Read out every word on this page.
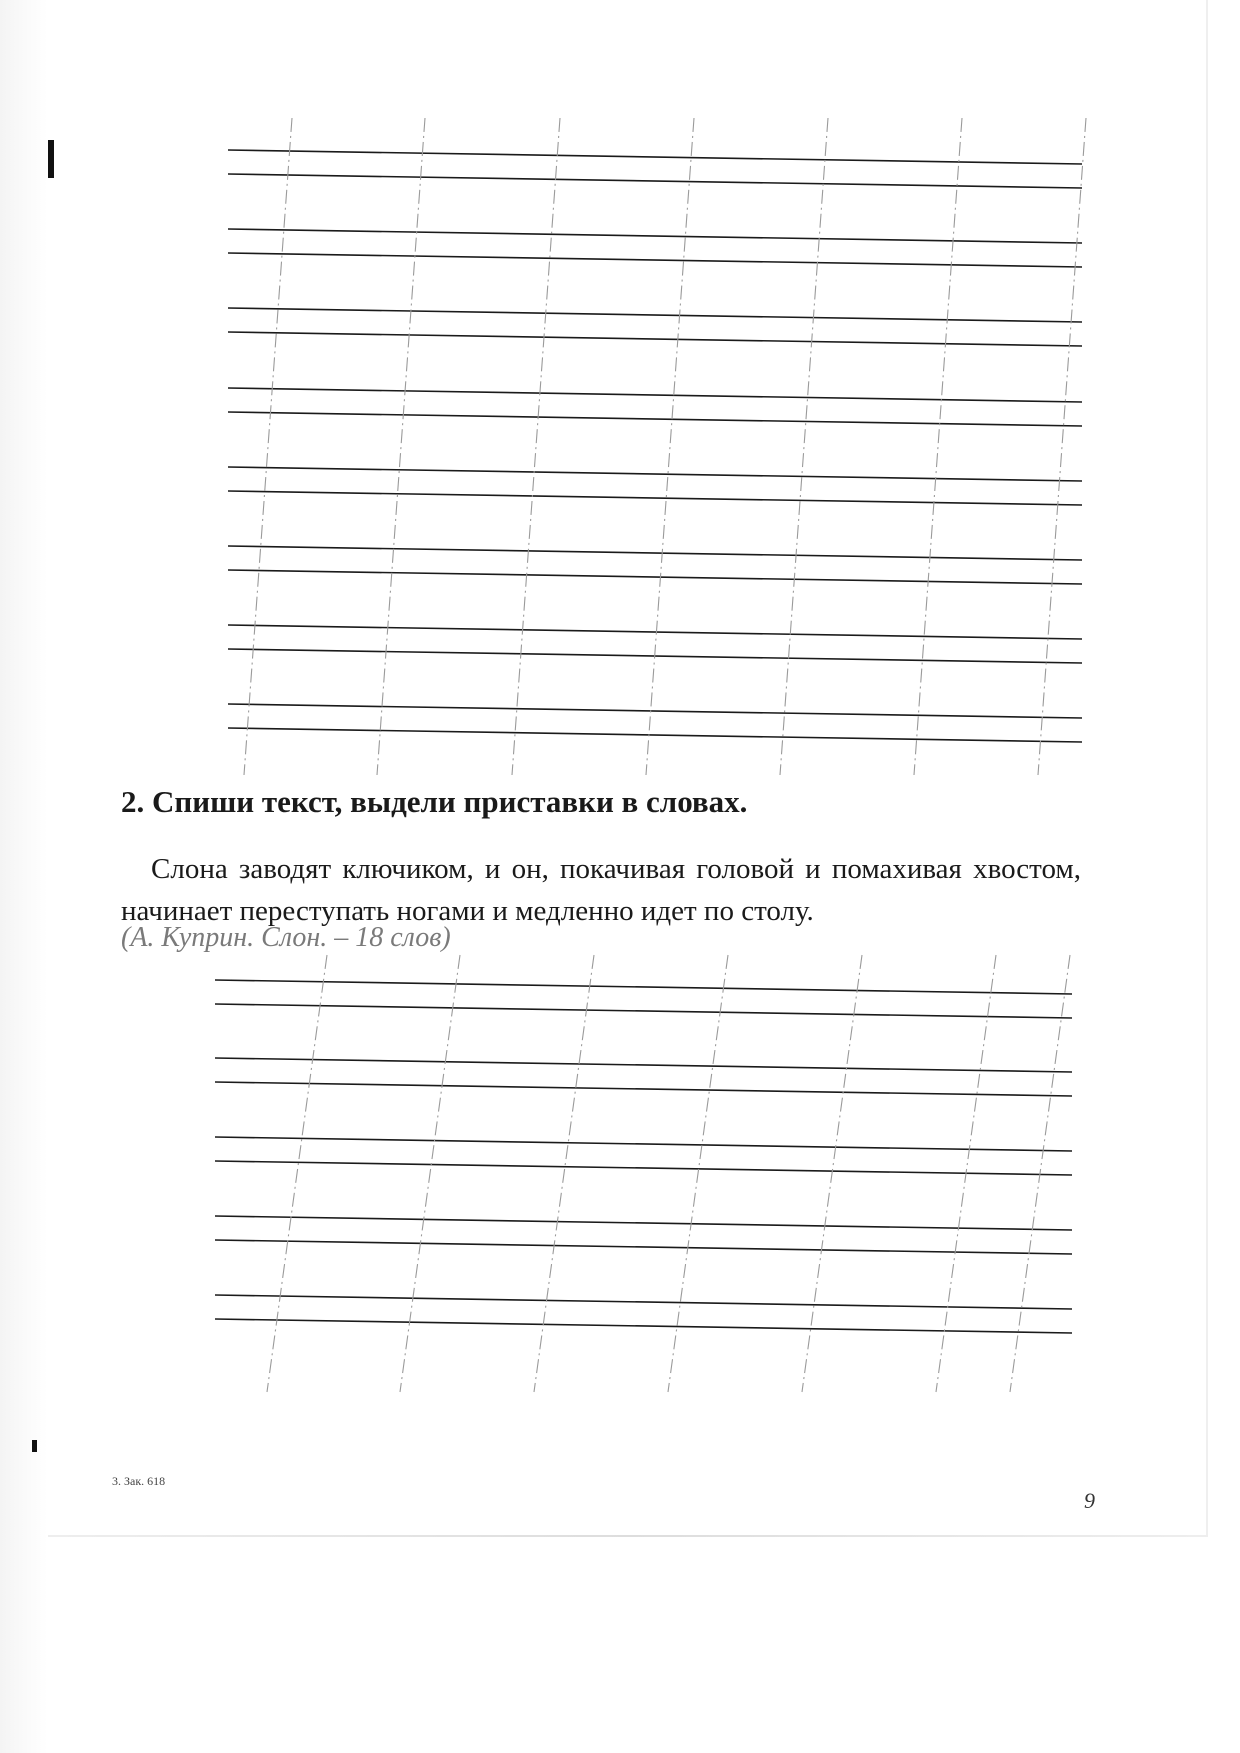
2. Спиши текст, выдели приставки в словах.

Слона заводят ключиком, и он, покачивая головой и помахивая хвостом, начинает переступать ногами и медленно идет по столу.

(А. Куприн. Слон. – 18 слов)
3. Зак. 618
9
